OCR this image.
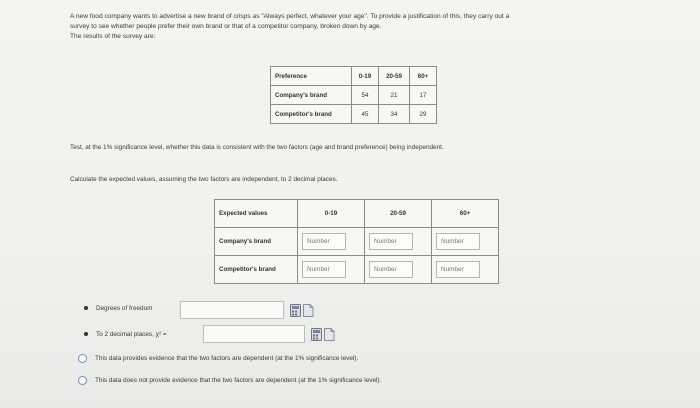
A new food company wants to advertise a new brand of crisps as "Always perfect, whatever your age". To provide a justification of this, they carry out a

survey to see whether people prefer their own brand or that of a competitor company, broken down by age.

The results of the survey are:

Preference	0-19	20-59	60+
Company's brand	54	21	17
Competitor's brand	45	34	29
Test, at the 1% significance level, whether this data is consistent with the two factors (age and brand preference) being independent.
Calculate the expected values, assuming the two factors are independent, to 2 decimal places.
Expected values	0-19	20-59	60+
Company's brand	Number	Number	Number
Competitor's brand	Number	Number	Number
Degrees of freedom
To 2 decimal places, χ² =
This data provides evidence that the two factors are dependent (at the 1% significance level).
This data does not provide evidence that the two factors are dependent (at the 1% significance level).
